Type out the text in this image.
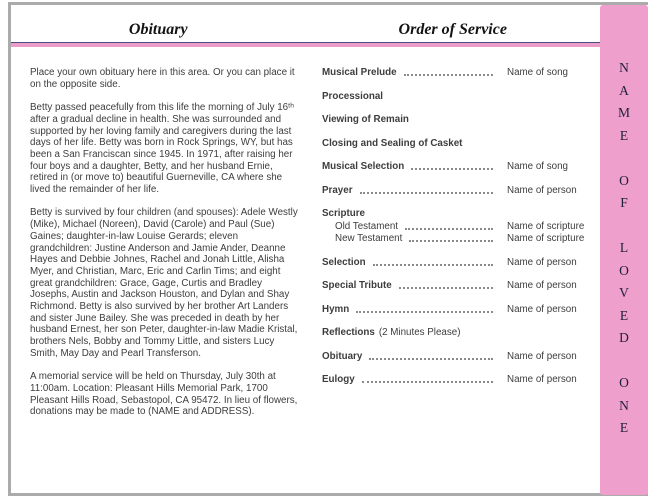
Obituary	Order of Service

Place your own obituary here in this area. Or you can place it on the opposite side.

Betty passed peacefully from this life the morning of July 16ᵗʰ after a gradual decline in health. She was surrounded and supported by her loving family and caregivers during the last days of her life. Betty was born in Rock Springs, WY, but has been a San Franciscan since 1945. In 1971, after raising her four boys and a daughter, Betty, and her husband Ernie, retired in (or move to) beautiful Guerneville, CA where she lived the remainder of her life.

Betty is survived by four children (and spouses): Adele Westly (Mike), Michael (Noreen), David (Carole) and Paul (Sue) Gaines; daughter-in-law Louise Gerards; eleven grandchildren: Justine Anderson and Jamie Ander, Deanne Hayes and Debbie Johnes, Rachel and Jonah Little, Alisha Myer, and Christian, Marc, Eric and Carlin Tims; and eight great grandchildren: Grace, Gage, Curtis and Bradley Josephs, Austin and Jackson Houston, and Dylan and Shay Richmond. Betty is also survived by her brother Art Landers and sister June Bailey. She was preceded in death by her husband Ernest, her son Peter, daughter-in-law Madie Kristal, brothers Nels, Bobby and Tommy Little, and sisters Lucy Smith, May Day and Pearl Transferson.

A memorial service will be held on Thursday, July 30th at 11:00am. Location: Pleasant Hills Memorial Park, 1700 Pleasant Hills Road, Sebastopol, CA 95472. In lieu of flowers, donations may be made to (NAME and ADDRESS).

Musical Prelude	Name of song
Processional
Viewing of Remain
Closing and Sealing of Casket
Musical Selection	Name of song
Prayer	Name of person
Scripture
Old Testament	Name of scripture
New Testament	Name of scripture
Selection	Name of person
Special Tribute	Name of person
Hymn	Name of person
Reflections (2 Minutes Please)
Obituary	Name of person
Eulogy	Name of person
N
A
M
E
O
F
L
O
V
E
D
O
N
E
